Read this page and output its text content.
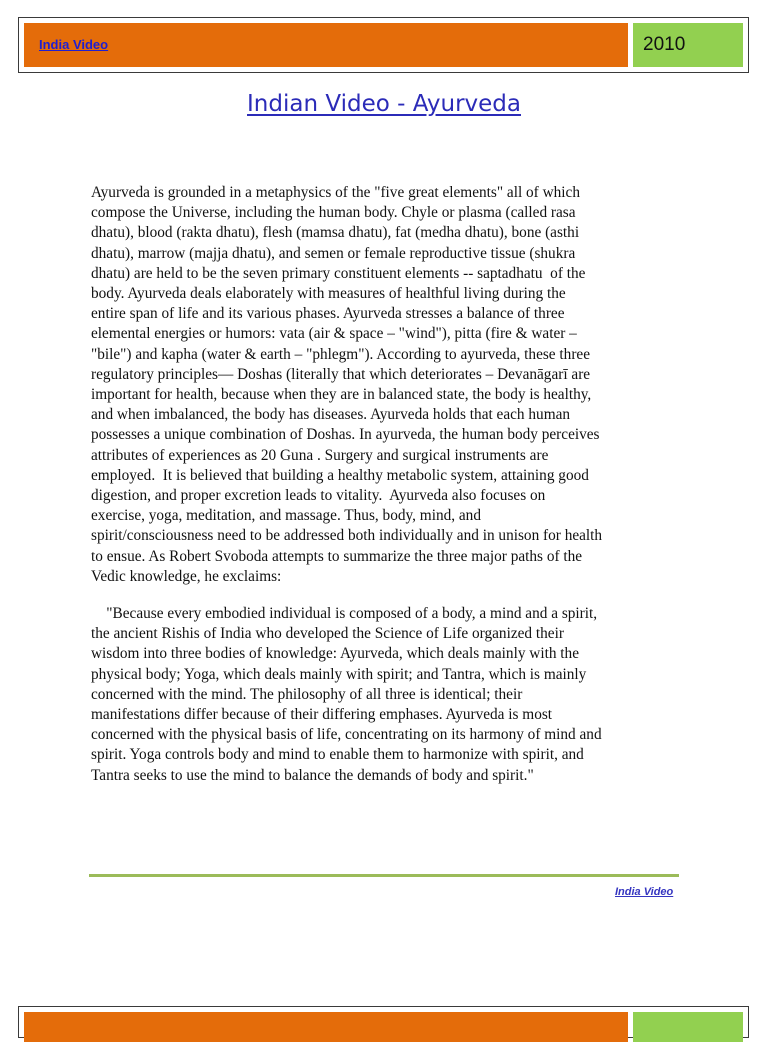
India Video	2010
Indian Video - Ayurveda
Ayurveda is grounded in a metaphysics of the "five great elements" all of which
compose the Universe, including the human body. Chyle or plasma (called rasa
dhatu), blood (rakta dhatu), flesh (mamsa dhatu), fat (medha dhatu), bone (asthi
dhatu), marrow (majja dhatu), and semen or female reproductive tissue (shukra
dhatu) are held to be the seven primary constituent elements -- saptadhatu  of the
body. Ayurveda deals elaborately with measures of healthful living during the
entire span of life and its various phases. Ayurveda stresses a balance of three
elemental energies or humors: vata (air & space – "wind"), pitta (fire & water –
"bile") and kapha (water & earth – "phlegm"). According to ayurveda, these three
regulatory principles— Doshas (literally that which deteriorates – Devanāgarī are
important for health, because when they are in balanced state, the body is healthy,
and when imbalanced, the body has diseases. Ayurveda holds that each human
possesses a unique combination of Doshas. In ayurveda, the human body perceives
attributes of experiences as 20 Guna . Surgery and surgical instruments are
employed.  It is believed that building a healthy metabolic system, attaining good
digestion, and proper excretion leads to vitality.  Ayurveda also focuses on
exercise, yoga, meditation, and massage. Thus, body, mind, and
spirit/consciousness need to be addressed both individually and in unison for health
to ensue. As Robert Svoboda attempts to summarize the three major paths of the
Vedic knowledge, he exclaims:
"Because every embodied individual is composed of a body, a mind and a spirit,
the ancient Rishis of India who developed the Science of Life organized their
wisdom into three bodies of knowledge: Ayurveda, which deals mainly with the
physical body; Yoga, which deals mainly with spirit; and Tantra, which is mainly
concerned with the mind. The philosophy of all three is identical; their
manifestations differ because of their differing emphases. Ayurveda is most
concerned with the physical basis of life, concentrating on its harmony of mind and
spirit. Yoga controls body and mind to enable them to harmonize with spirit, and
Tantra seeks to use the mind to balance the demands of body and spirit."
India Video
